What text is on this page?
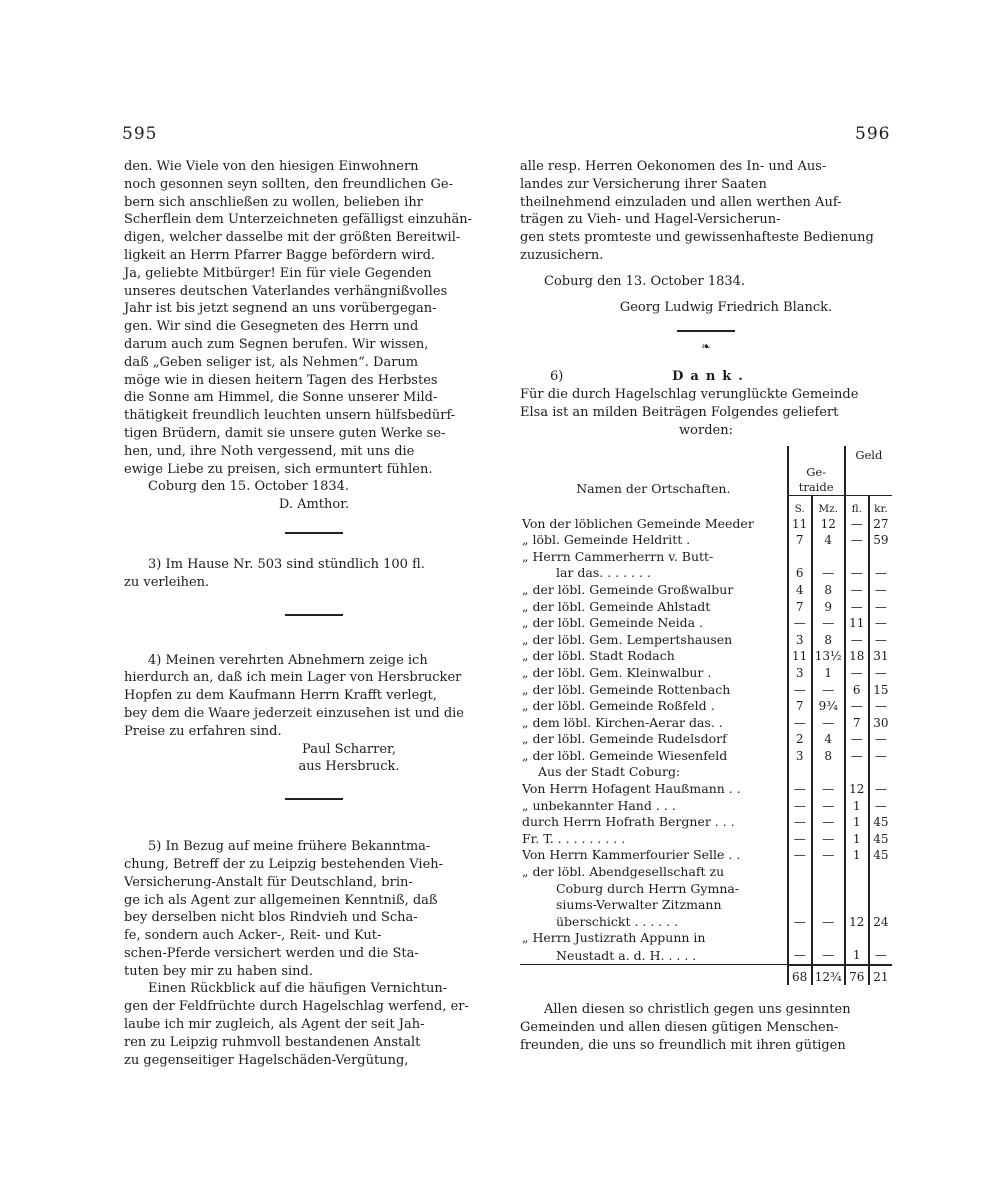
595	596

den. Wie Viele von den hiesigen Einwohnern

noch gesonnen seyn sollten, den freundlichen Ge-

bern sich anschließen zu wollen, belieben ihr

Scherflein dem Unterzeichneten gefälligst einzuhän-

digen, welcher dasselbe mit der größten Bereitwil-

ligkeit an Herrn Pfarrer Bagge befördern wird.

Ja, geliebte Mitbürger! Ein für viele Gegenden

unseres deutschen Vaterlandes verhängnißvolles

Jahr ist bis jetzt segnend an uns vorübergegan-

gen. Wir sind die Gesegneten des Herrn und

darum auch zum Segnen berufen. Wir wissen,

daß „Geben seliger ist, als Nehmen“. Darum

möge wie in diesen heitern Tagen des Herbstes

die Sonne am Himmel, die Sonne unserer Mild-

thätigkeit freundlich leuchten unsern hülfsbedürf-

tigen Brüdern, damit sie unsere guten Werke se-

hen, und, ihre Noth vergessend, mit uns die

ewige Liebe zu preisen, sich ermuntert fühlen.

Coburg den 15. October 1834.

D. Amthor.

3) Im Hause Nr. 503 sind stündlich 100 fl.

zu verleihen.

4) Meinen verehrten Abnehmern zeige ich

hierdurch an, daß ich mein Lager von Hersbrucker

Hopfen zu dem Kaufmann Herrn Krafft verlegt,

bey dem die Waare jederzeit einzusehen ist und die

Preise zu erfahren sind.

Paul Scharrer,

aus Hersbruck.

5) In Bezug auf meine frühere Bekanntma-

chung, Betreff der zu Leipzig bestehenden Vieh-

Versicherung-Anstalt für Deutschland, brin-

ge ich als Agent zur allgemeinen Kenntniß, daß

bey derselben nicht blos Rindvieh und Scha-

fe, sondern auch Acker-, Reit- und Kut-

schen-Pferde versichert werden und die Sta-

tuten bey mir zu haben sind.

Einen Rückblick auf die häufigen Vernichtun-

gen der Feldfrüchte durch Hagelschlag werfend, er-

laube ich mir zugleich, als Agent der seit Jah-

ren zu Leipzig ruhmvoll bestandenen Anstalt

zu gegenseitiger Hagelschäden-Vergütung,

alle resp. Herren Oekonomen des In- und Aus-

landes zur Versicherung ihrer Saaten

theilnehmend einzuladen und allen werthen Auf-

trägen zu Vieh- und Hagel-Versicherun-

gen stets promteste und gewissenhafteste Bedienung

zuzusichern.

Coburg den 13. October 1834.

Georg Ludwig Friedrich Blanck.

❧
6)	Dank.

Für die durch Hagelschlag verunglückte Gemeinde

Elsa ist an milden Beiträgen Folgendes geliefert

worden:

Namen der Ortschaften.	Ge-
traide		Geld	
	S.	Mz.	fl.	kr.
Von der löblichen Gemeinde Meeder	11	12	—	27
„ löbl. Gemeinde Heldritt .	7	4	—	59
„ Herrn Cammerherrn v. Butt-				
lar das. . . . . . .	6	—	—	—
„ der löbl. Gemeinde Großwalbur	4	8	—	—
„ der löbl. Gemeinde Ahlstadt	7	9	—	—
„ der löbl. Gemeinde Neida .	—	—	11	—
„ der löbl. Gem. Lempertshausen	3	8	—	—
„ der löbl. Stadt Rodach	11	13½	18	31
„ der löbl. Gem. Kleinwalbur .	3	1	—	—
„ der löbl. Gemeinde Rottenbach	—	—	6	15
„ der löbl. Gemeinde Roßfeld .	7	9¾	—	—
„ dem löbl. Kirchen-Aerar das. .	—	—	7	30
„ der löbl. Gemeinde Rudelsdorf	2	4	—	—
„ der löbl. Gemeinde Wiesenfeld	3	8	—	—
Aus der Stadt Coburg:				
Von Herrn Hofagent Haußmann . .	—	—	12	—
„ unbekannter Hand . . .	—	—	1	—
durch Herrn Hofrath Bergner . . .	—	—	1	45
Fr. T. . . . . . . . . .	—	—	1	45
Von Herrn Kammerfourier Selle . .	—	—	1	45
„ der löbl. Abendgesellschaft zu				
Coburg durch Herrn Gymna-				
siums-Verwalter Zitzmann				
überschickt . . . . . .	—	—	12	24
„ Herrn Justizrath Appunn in				
Neustadt a. d. H. . . . .	—	—	1	—
	68	12¾	76	21

Allen diesen so christlich gegen uns gesinnten

Gemeinden und allen diesen gütigen Menschen-

freunden, die uns so freundlich mit ihren gütigen
